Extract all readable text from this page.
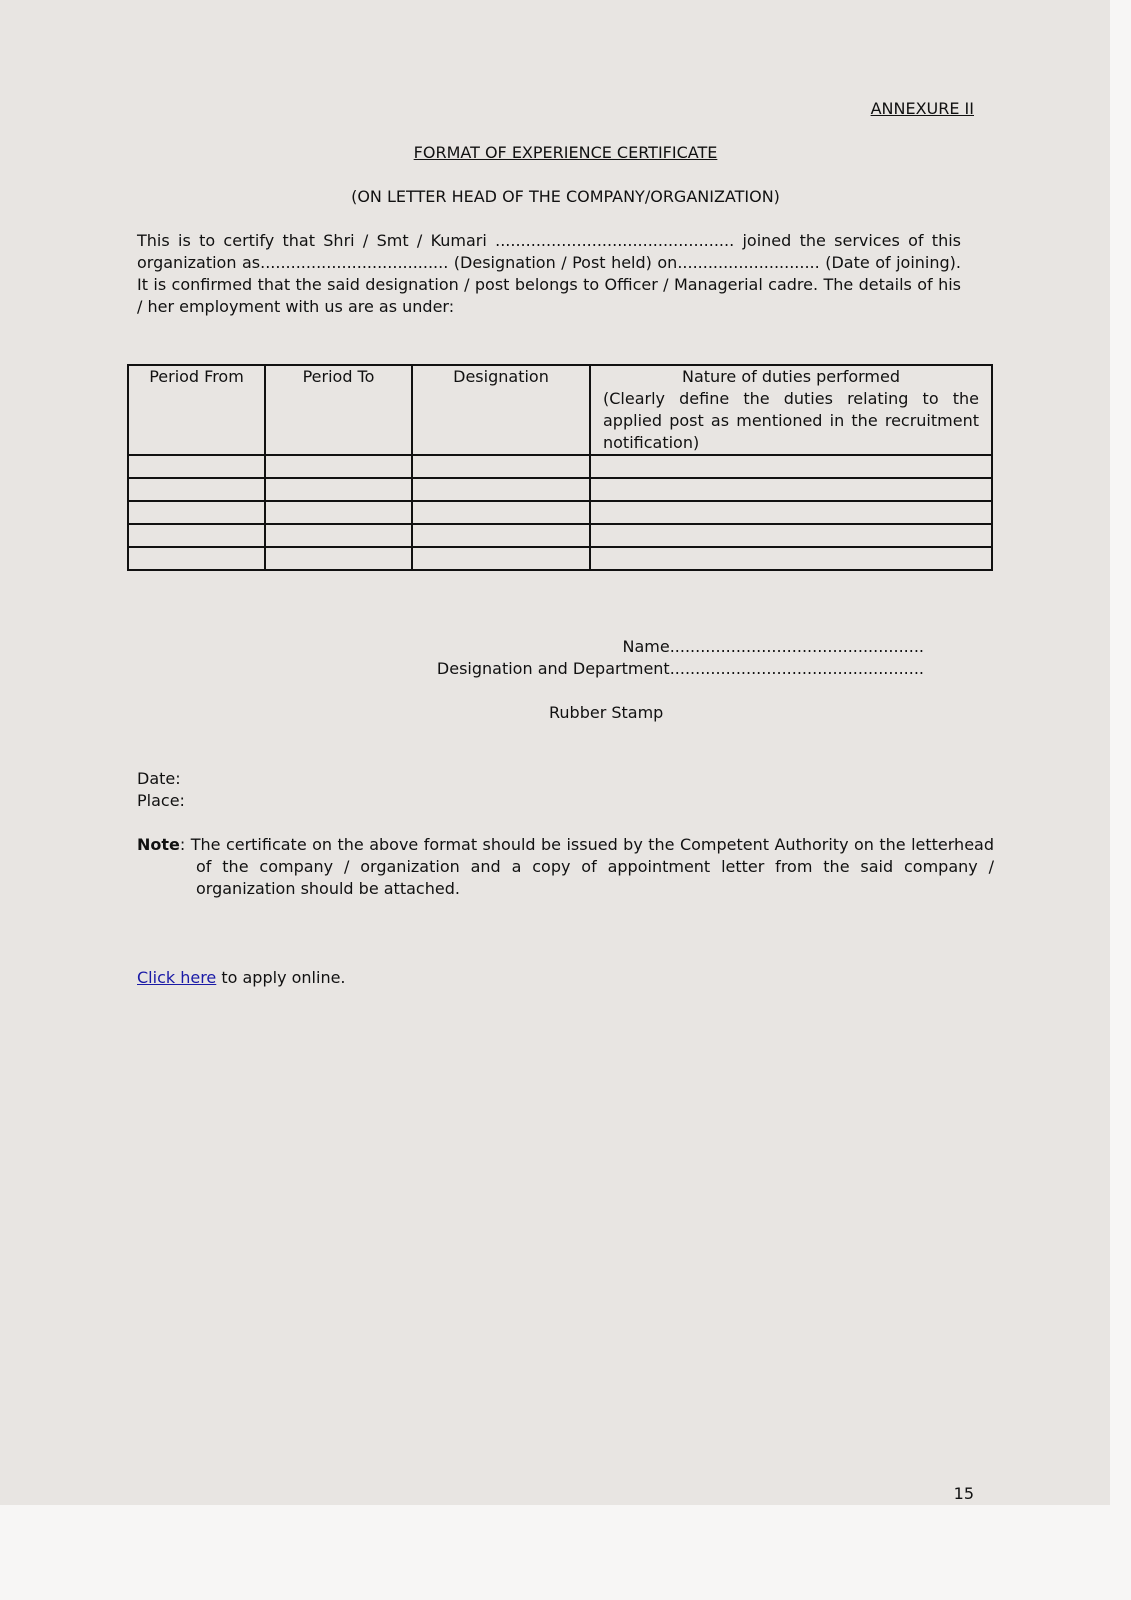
ANNEXURE II
FORMAT OF EXPERIENCE CERTIFICATE
(ON LETTER HEAD OF THE COMPANY/ORGANIZATION)
This is to certify that Shri / Smt / Kumari ............................................... joined the services of this organization as..................................... (Designation / Post held) on............................ (Date of joining). It is confirmed that the said designation / post belongs to Officer / Managerial cadre. The details of his / her employment with us are as under:
Period From	Period To	Designation	Nature of duties performed
(Clearly define the duties relating to the applied post as mentioned in the recruitment notification)

Name..................................................
Designation and Department..................................................
Rubber Stamp
Date:
Place:
Note: The certificate on the above format should be issued by the Competent Authority on the letterhead of the company / organization and a copy of appointment letter from the said company / organization should be attached.
Click here to apply online.
15
